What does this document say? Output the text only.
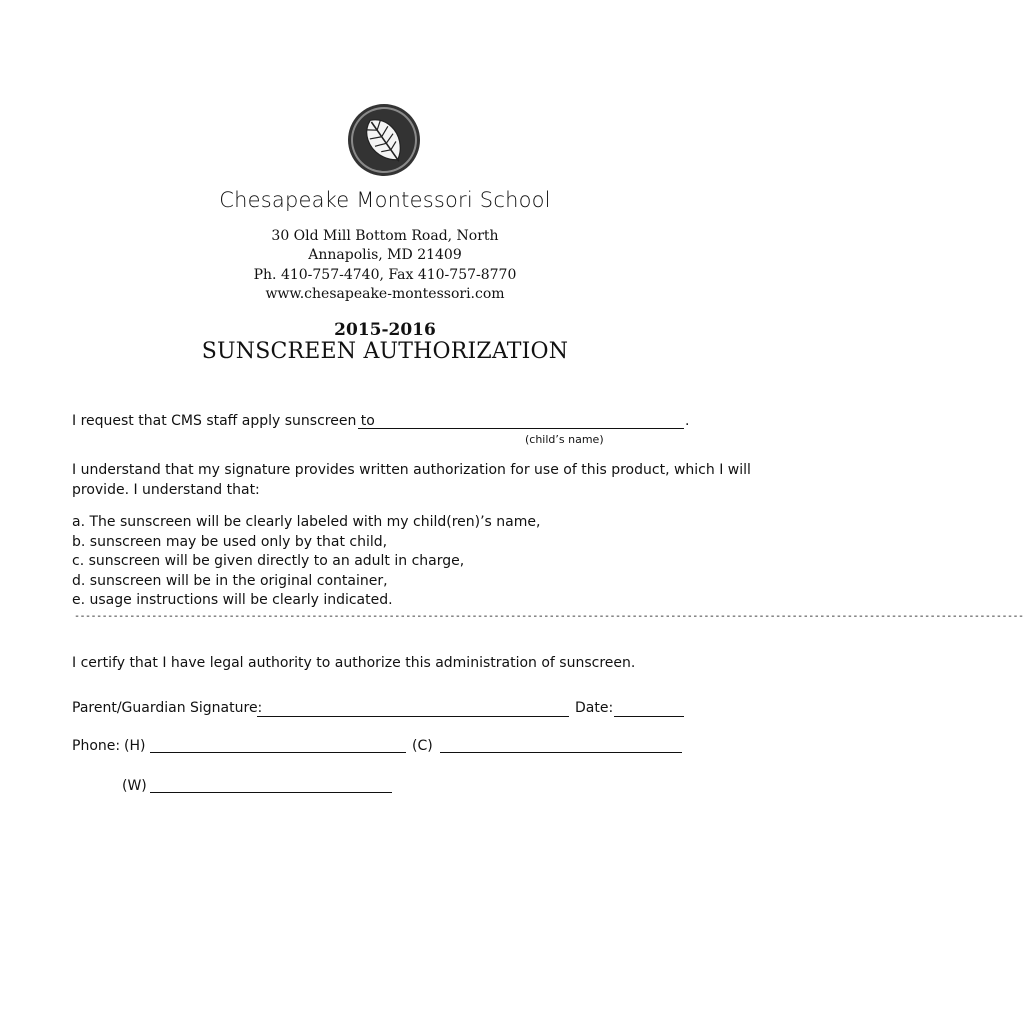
Chesapeake Montessori School
30 Old Mill Bottom Road, North
Annapolis, MD 21409
Ph. 410-757-4740, Fax 410-757-8770
www.chesapeake-montessori.com
2015-2016
SUNSCREEN AUTHORIZATION
I request that CMS staff apply sunscreen to	.
(child’s name)
I understand that my signature provides written authorization for use of this product, which I will
provide. I understand that:
a. The sunscreen will be clearly labeled with my child(ren)’s name,
b. sunscreen may be used only by that child,
c. sunscreen will be given directly to an adult in charge,
d. sunscreen will be in the original container,
e. usage instructions will be clearly indicated.
----------------------------------------------------------------------------------------------------------------------------------------------------------------------------
I certify that I have legal authority to authorize this administration of sunscreen.
Parent/Guardian Signature:	Date:
Phone: (H)	(C)
(W)
